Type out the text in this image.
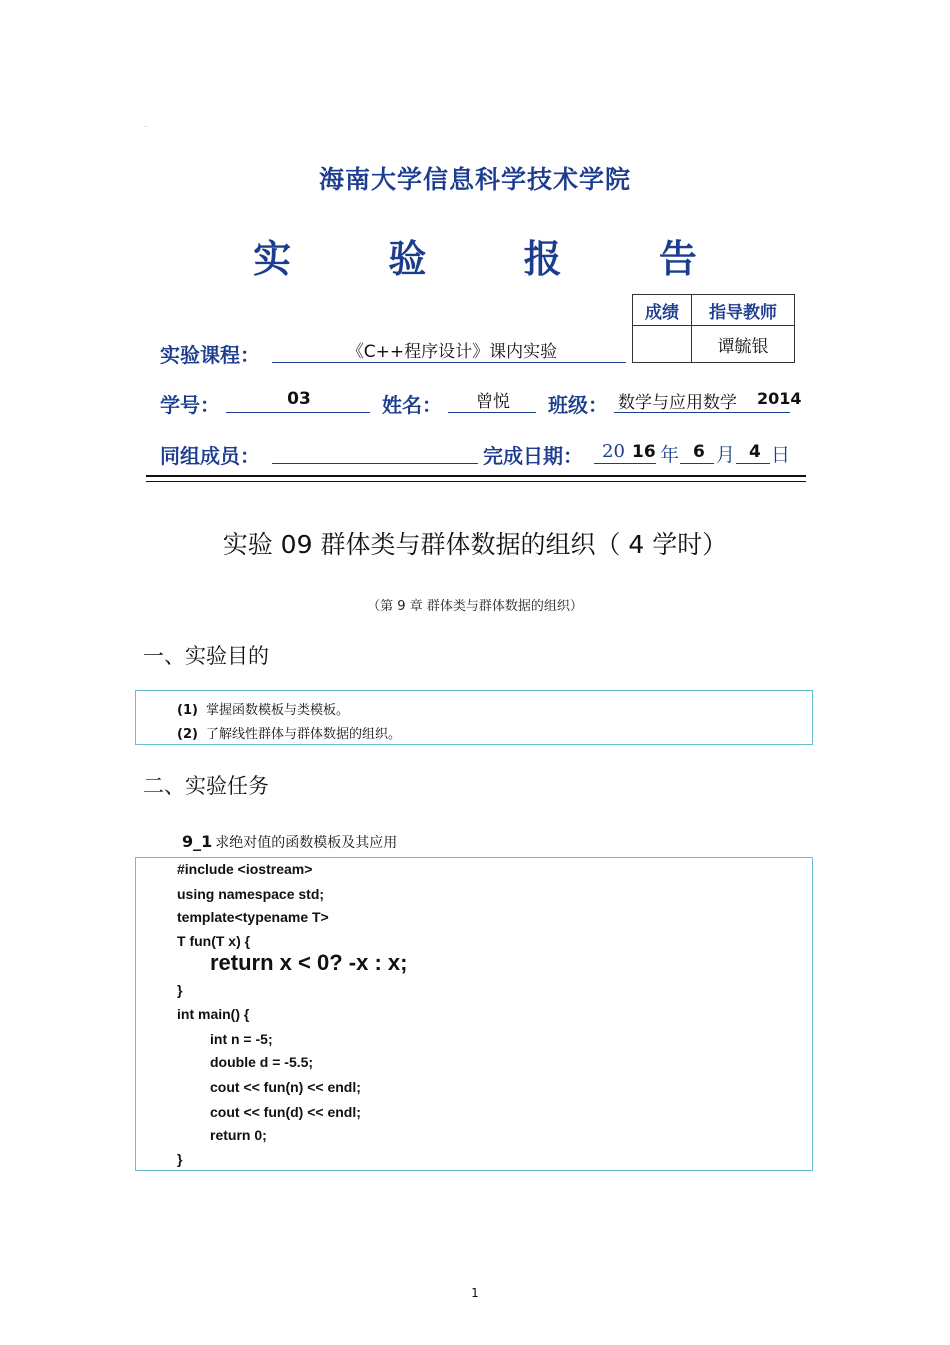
··
海南大学信息科学技术学院
实 验 报 告
成绩	指导教师
	谭毓银
实验课程：	《C++程序设计》课内实验
学号：	03	姓名：	曾悦	班级： 数学与应用数学 2014
同组成员：	完成日期： 20 16 年 6 月 4 日
实验 09 群体类与群体数据的组织（ 4 学时）
（第 9 章 群体类与群体数据的组织）
一、实验目的
(1) 掌握函数模板与类模板。
(2) 了解线性群体与群体数据的组织。
二、实验任务
9_1 求绝对值的函数模板及其应用
#include <iostream>
using namespace std;
template<typename T>
T fun(T x) {
return x < 0? -x : x;
}
int main() {
int n = -5;
double d = -5.5;
cout << fun(n) << endl;
cout << fun(d) << endl;
return 0;
}
1
